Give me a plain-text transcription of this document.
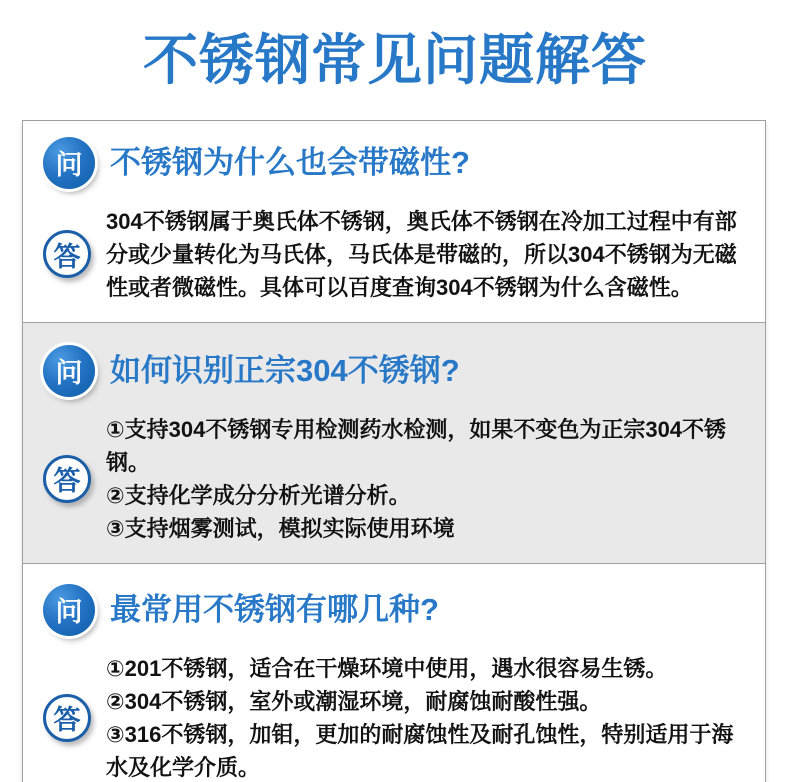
不锈钢常见问题解答
问 不锈钢为什么也会带磁性?
答

304不锈钢属于奥氏体不锈钢，奥氏体不锈钢在冷加工过程中有部分或少量转化为马氏体，马氏体是带磁的，所以304不锈钢为无磁性或者微磁性。具体可以百度查询304不锈钢为什么含磁性。

问 如何识别正宗304不锈钢?
答

①支持304不锈钢专用检测药水检测，如果不变色为正宗304不锈钢。

②支持化学成分分析光谱分析。

③支持烟雾测试，模拟实际使用环境

问 最常用不锈钢有哪几种?
答

①201不锈钢，适合在干燥环境中使用，遇水很容易生锈。

②304不锈钢，室外或潮湿环境，耐腐蚀耐酸性强。

③316不锈钢，加钼，更加的耐腐蚀性及耐孔蚀性，特别适用于海水及化学介质。
